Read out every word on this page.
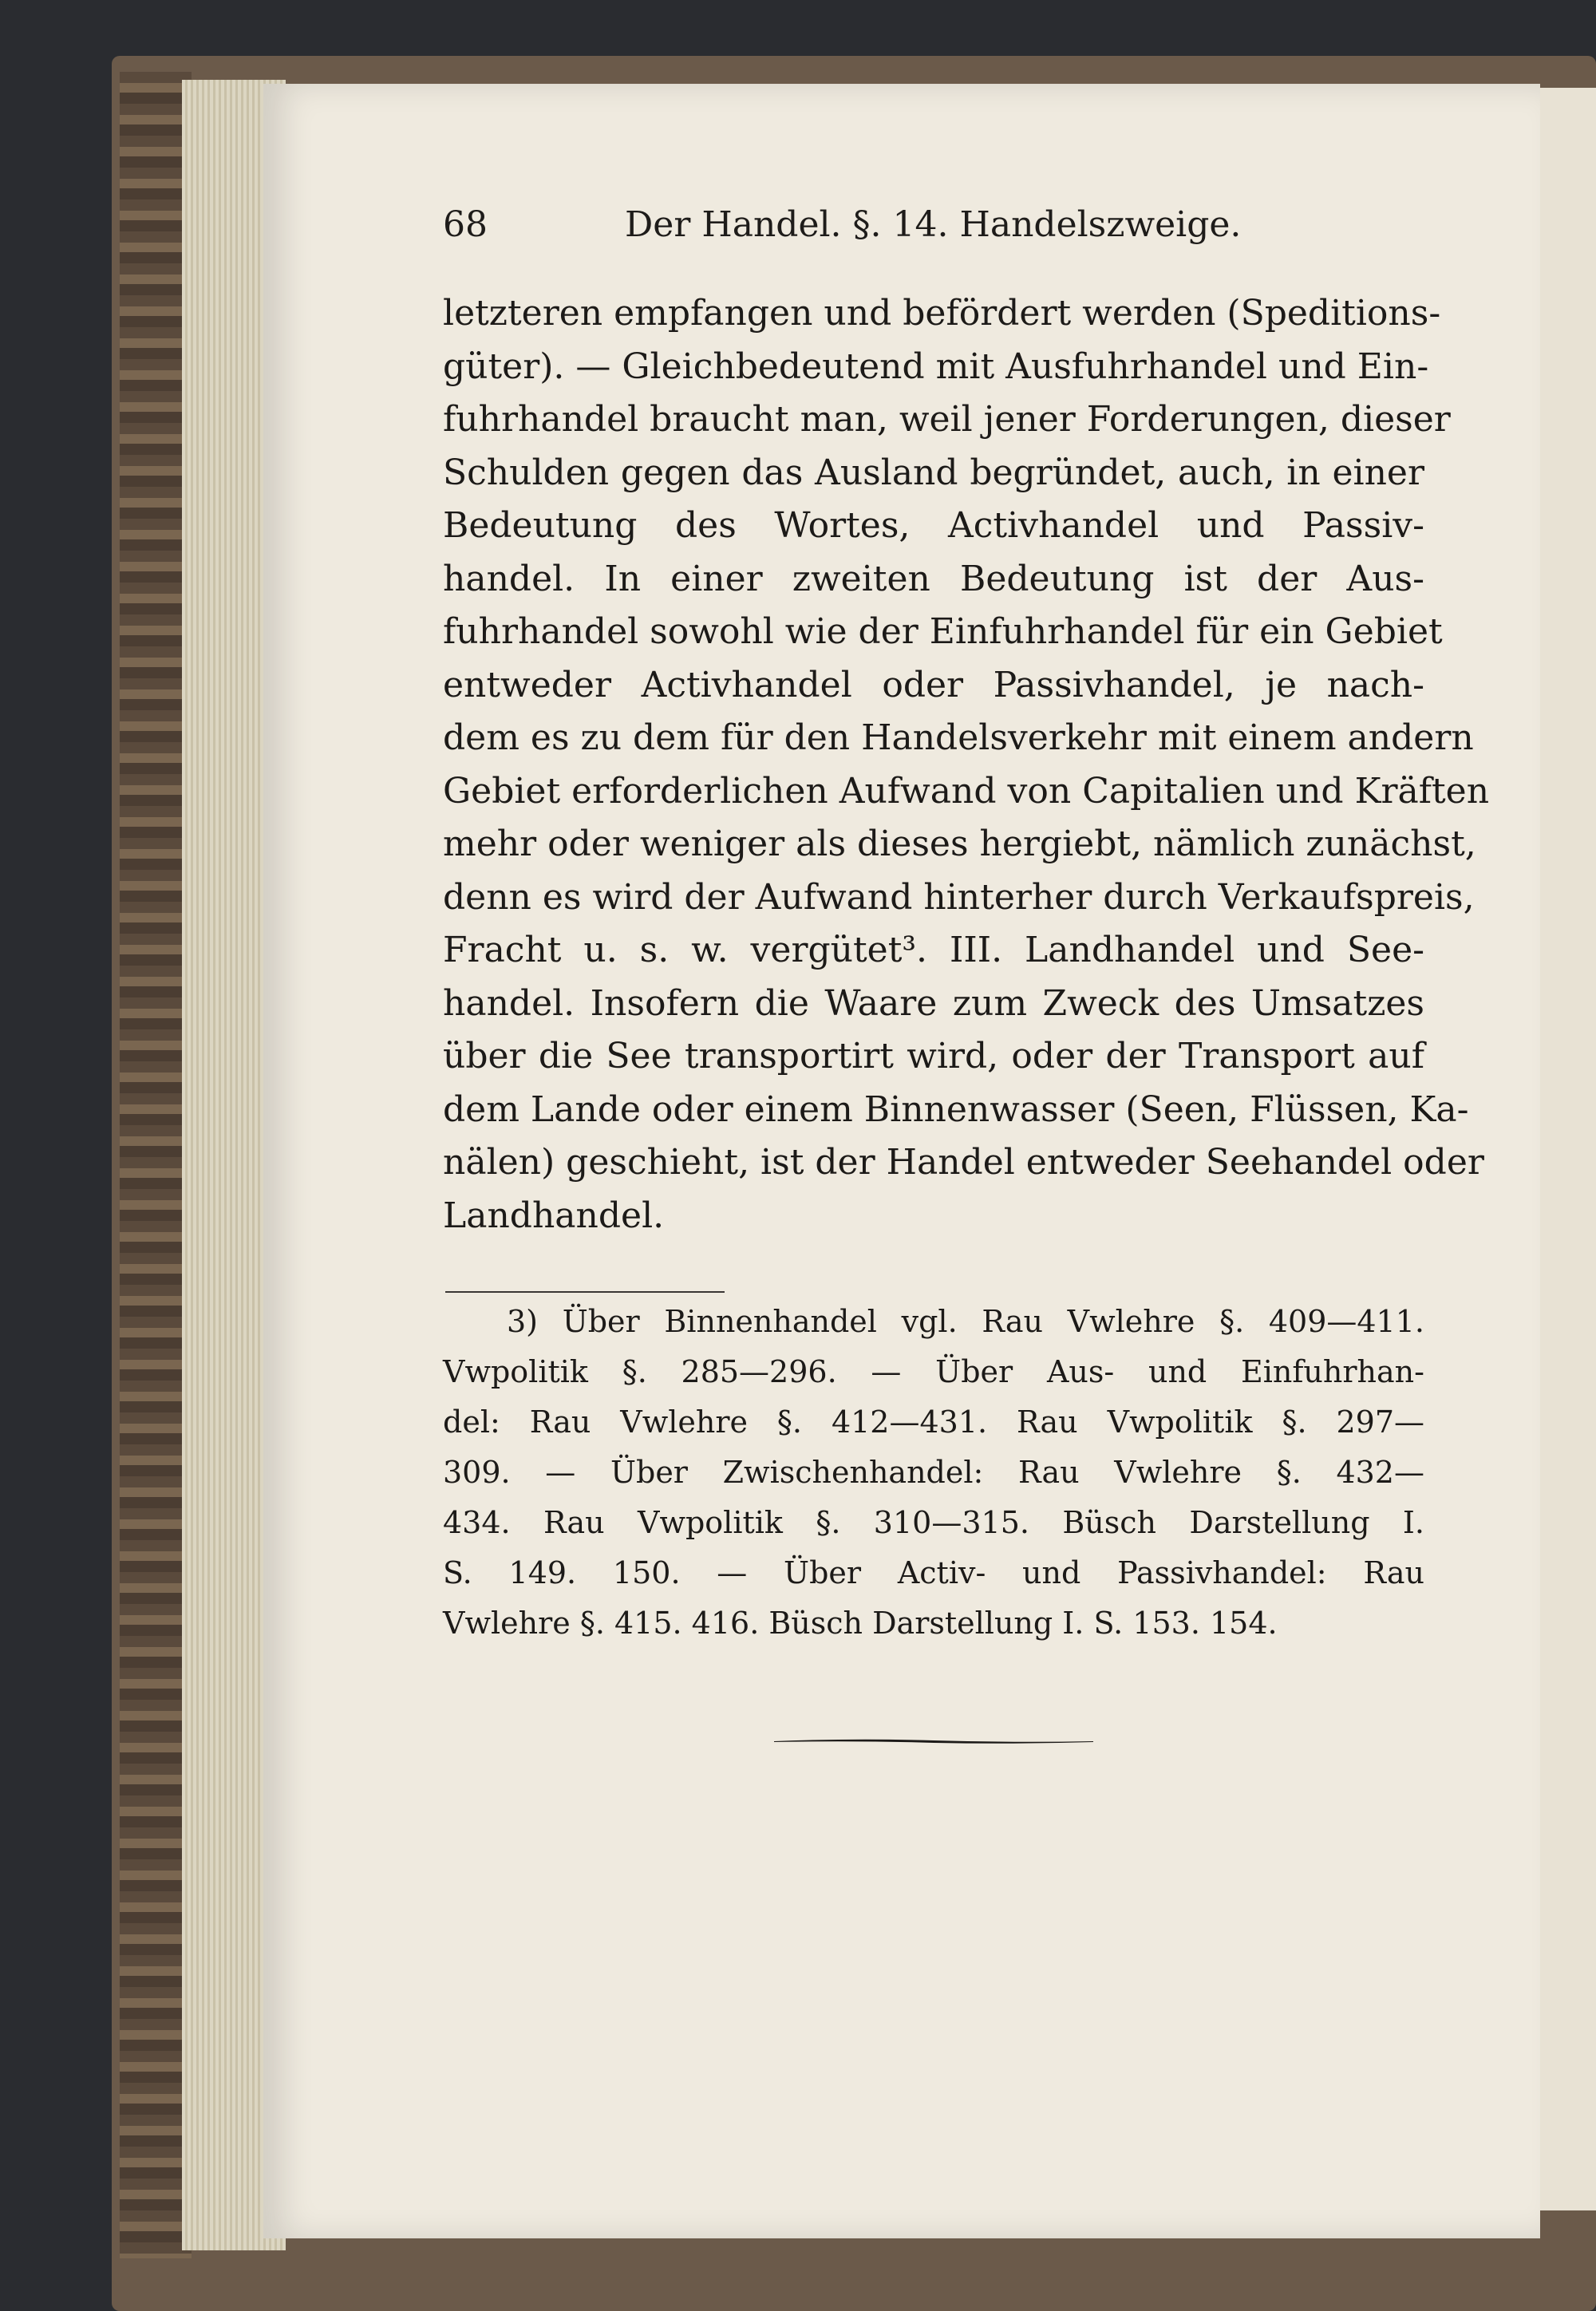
68	Der Handel. §. 14. Handelszweige.
letzteren empfangen und befördert werden (Speditions-
güter). — Gleichbedeutend mit Ausfuhrhandel und Ein-
fuhrhandel braucht man, weil jener Forderungen, dieser
Schulden gegen das Ausland begründet, auch, in einer
Bedeutung des Wortes, Activhandel und Passiv-
handel. In einer zweiten Bedeutung ist der Aus-
fuhrhandel sowohl wie der Einfuhrhandel für ein Gebiet
entweder Activhandel oder Passivhandel, je nach-
dem es zu dem für den Handelsverkehr mit einem andern
Gebiet erforderlichen Aufwand von Capitalien und Kräften
mehr oder weniger als dieses hergiebt, nämlich zunächst,
denn es wird der Aufwand hinterher durch Verkaufspreis,
Fracht u. s. w. vergütet³. III. Landhandel und See-
handel. Insofern die Waare zum Zweck des Umsatzes
über die See transportirt wird, oder der Transport auf
dem Lande oder einem Binnenwasser (Seen, Flüssen, Ka-
nälen) geschieht, ist der Handel entweder Seehandel oder
Landhandel.
3) Über Binnenhandel vgl. Rau Vwlehre §. 409—411.
Vwpolitik §. 285—296. — Über Aus- und Einfuhrhan-
del: Rau Vwlehre §. 412—431. Rau Vwpolitik §. 297—
309. — Über Zwischenhandel: Rau Vwlehre §. 432—
434. Rau Vwpolitik §. 310—315. Büsch Darstellung I.
S. 149. 150. — Über Activ- und Passivhandel: Rau
Vwlehre §. 415. 416. Büsch Darstellung I. S. 153. 154.
